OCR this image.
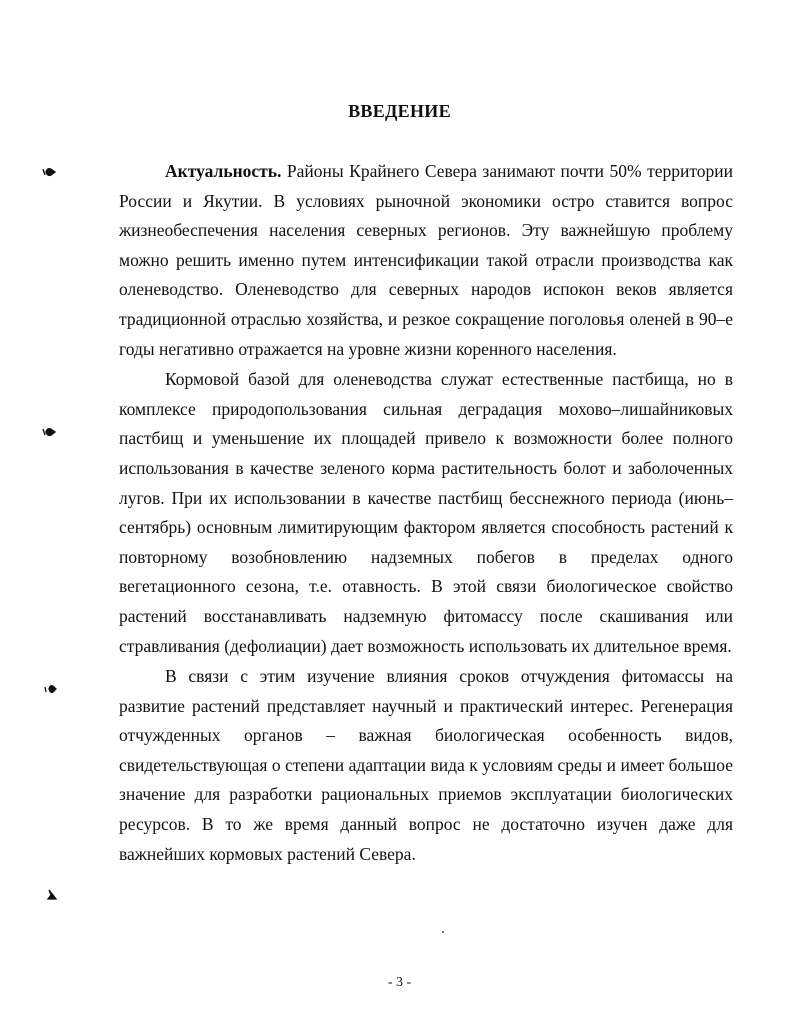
ВВЕДЕНИЕ

Актуальность. Районы Крайнего Севера занимают почти 50% территории России и Якутии. В условиях рыночной экономики остро ставится вопрос жизнеобеспечения населения северных регионов. Эту важнейшую проблему можно решить именно путем интенсификации такой отрасли производства как оленеводство. Оленеводство для северных народов испокон веков является традиционной отраслью хозяйства, и резкое сокращение поголовья оленей в 90–е годы негативно отражается на уровне жизни коренного населения.

Кормовой базой для оленеводства служат естественные пастбища, но в комплексе природопользования сильная деградация мохово–лишайниковых пастбищ и уменьшение их площадей привело к возможности более полного использования в качестве зеленого корма растительность болот и заболоченных лугов. При их использовании в качестве пастбищ бесснежного периода (июнь–сентябрь) основным лимитирующим фактором является способность растений к повторному возобновлению надземных побегов в пределах одного вегетационного сезона, т.е. отавность. В этой связи биологическое свойство растений восстанавливать надземную фитомассу после скашивания или стравливания (дефолиации) дает возможность использовать их длительное время.

В связи с этим изучение влияния сроков отчуждения фитомассы на развитие растений представляет научный и практический интерес. Регенерация отчужденных органов – важная биологическая особенность видов, свидетельствующая о степени адаптации вида к условиям среды и имеет большое значение для разработки рациональных приемов эксплуатации биологических ресурсов. В то же время данный вопрос не достаточно изучен даже для важнейших кормовых растений Севера.

- 3 -
